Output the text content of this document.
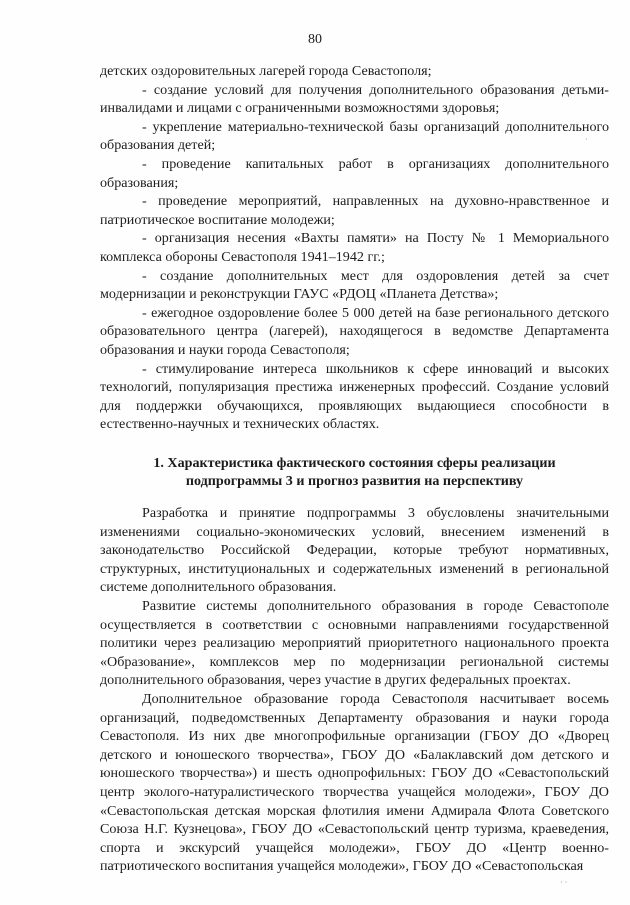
80

детских оздоровительных лагерей города Севастополя;

- создание условий для получения дополнительного образования детьми-инвалидами и лицами с ограниченными возможностями здоровья;

- укрепление материально-технической базы организаций дополнительного образования детей;

- проведение капитальных работ в организациях дополнительного образования;

- проведение мероприятий, направленных на духовно-нравственное и патриотическое воспитание молодежи;

- организация несения «Вахты памяти» на Посту № 1 Мемориального комплекса обороны Севастополя 1941–1942 гг.;

- создание дополнительных мест для оздоровления детей за счет модернизации и реконструкции ГАУС «РДОЦ «Планета Детства»;

- ежегодное оздоровление более 5 000 детей на базе регионального детского образовательного центра (лагерей), находящегося в ведомстве Департамента образования и науки города Севастополя;

- стимулирование интереса школьников к сфере инноваций и высоких технологий, популяризация престижа инженерных профессий. Создание условий для поддержки обучающихся, проявляющих выдающиеся способности в естественно-научных и технических областях.

1. Характеристика фактического состояния сферы реализации
подпрограммы 3 и прогноз развития на перспективу

Разработка и принятие подпрограммы 3 обусловлены значительными изменениями социально-экономических условий, внесением изменений в законодательство Российской Федерации, которые требуют нормативных, структурных, институциональных и содержательных изменений в региональной системе дополнительного образования.

Развитие системы дополнительного образования в городе Севастополе осуществляется в соответствии с основными направлениями государственной политики через реализацию мероприятий приоритетного национального проекта «Образование», комплексов мер по модернизации региональной системы дополнительного образования, через участие в других федеральных проектах.

Дополнительное образование города Севастополя насчитывает восемь организаций, подведомственных Департаменту образования и науки города Севастополя. Из них две многопрофильные организации (ГБОУ ДО «Дворец детского и юношеского творчества», ГБОУ ДО «Балаклавский дом детского и юношеского творчества») и шесть однопрофильных: ГБОУ ДО «Севастопольский центр эколого-натуралистического творчества учащейся молодежи», ГБОУ ДО «Севастопольская детская морская флотилия имени Адмирала Флота Советского Союза Н.Г. Кузнецова», ГБОУ ДО «Севастопольский центр туризма, краеведения, спорта и экскурсий учащейся молодежи», ГБОУ ДО «Центр военно-патриотического воспитания учащейся молодежи», ГБОУ ДО «Севастопольская

·
· ·
